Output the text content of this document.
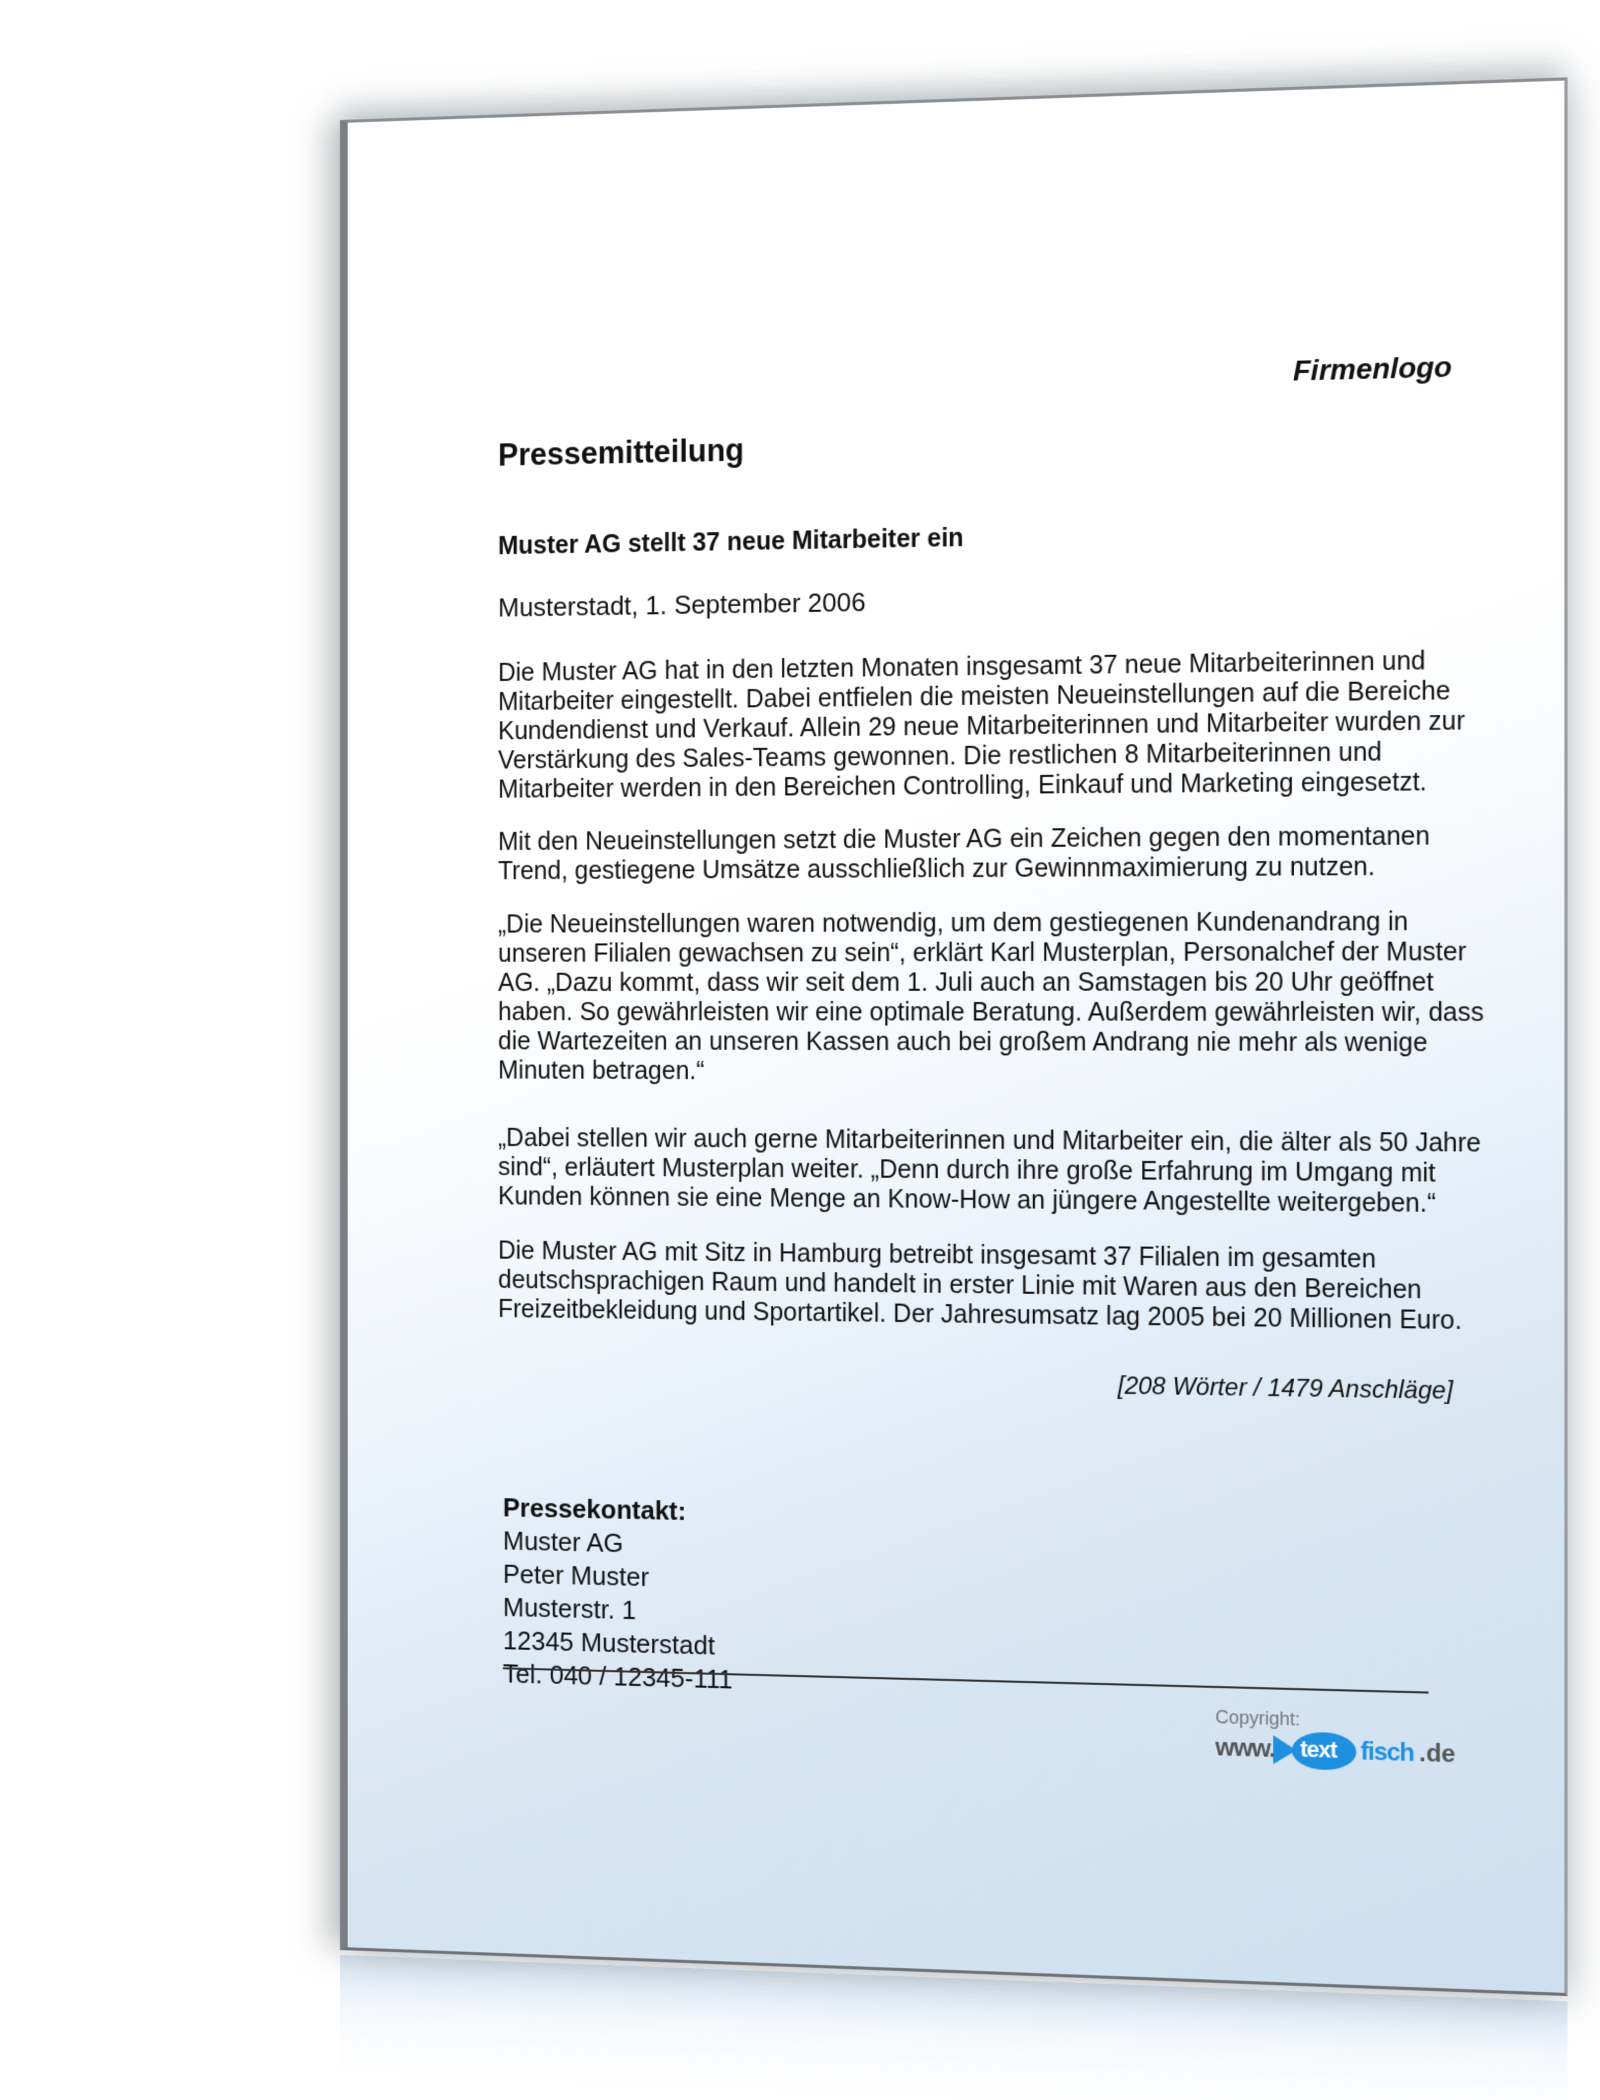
Firmenlogo
Pressemitteilung
Muster AG stellt 37 neue Mitarbeiter ein
Musterstadt, 1. September 2006
Die Muster AG hat in den letzten Monaten insgesamt 37 neue Mitarbeiterinnen und
Mitarbeiter eingestellt. Dabei entfielen die meisten Neueinstellungen auf die Bereiche
Kundendienst und Verkauf. Allein 29 neue Mitarbeiterinnen und Mitarbeiter wurden zur
Verstärkung des Sales-Teams gewonnen. Die restlichen 8 Mitarbeiterinnen und
Mitarbeiter werden in den Bereichen Controlling, Einkauf und Marketing eingesetzt.
Mit den Neueinstellungen setzt die Muster AG ein Zeichen gegen den momentanen
Trend, gestiegene Umsätze ausschließlich zur Gewinnmaximierung zu nutzen.
„Die Neueinstellungen waren notwendig, um dem gestiegenen Kundenandrang in
unseren Filialen gewachsen zu sein“, erklärt Karl Musterplan, Personalchef der Muster
AG. „Dazu kommt, dass wir seit dem 1. Juli auch an Samstagen bis 20 Uhr geöffnet
haben. So gewährleisten wir eine optimale Beratung. Außerdem gewährleisten wir, dass
die Wartezeiten an unseren Kassen auch bei großem Andrang nie mehr als wenige
Minuten betragen.“
„Dabei stellen wir auch gerne Mitarbeiterinnen und Mitarbeiter ein, die älter als 50 Jahre
sind“, erläutert Musterplan weiter. „Denn durch ihre große Erfahrung im Umgang mit
Kunden können sie eine Menge an Know-How an jüngere Angestellte weitergeben.“
Die Muster AG mit Sitz in Hamburg betreibt insgesamt 37 Filialen im gesamten
deutschsprachigen Raum und handelt in erster Linie mit Waren aus den Bereichen
Freizeitbekleidung und Sportartikel. Der Jahresumsatz lag 2005 bei 20 Millionen Euro.
[208 Wörter / 1479 Anschläge]
Pressekontakt:
Muster AG
Peter Muster
Musterstr. 1
12345 Musterstadt
Tel. 040 / 12345-111
Copyright:
www. text fisch .de
